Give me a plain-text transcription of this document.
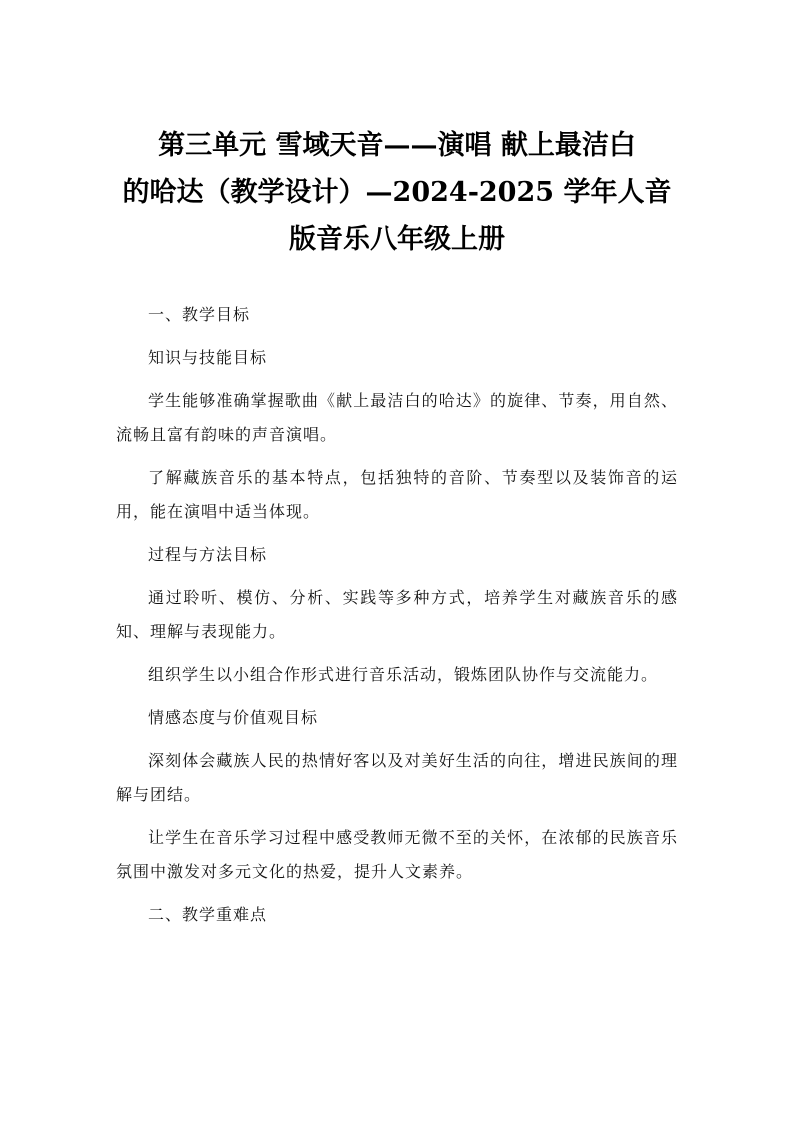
第三单元 雪域天音——演唱 献上最洁白
的哈达（教学设计）—2024-2025 学年人音
版音乐八年级上册

一、教学目标

知识与技能目标

学生能够准确掌握歌曲《献上最洁白的哈达》的旋律、节奏，用自然、流畅且富有韵味的声音演唱。

了解藏族音乐的基本特点，包括独特的音阶、节奏型以及装饰音的运用，能在演唱中适当体现。

过程与方法目标

通过聆听、模仿、分析、实践等多种方式，培养学生对藏族音乐的感知、理解与表现能力。

组织学生以小组合作形式进行音乐活动，锻炼团队协作与交流能力。

情感态度与价值观目标

深刻体会藏族人民的热情好客以及对美好生活的向往，增进民族间的理解与团结。

让学生在音乐学习过程中感受教师无微不至的关怀，在浓郁的民族音乐氛围中激发对多元文化的热爱，提升人文素养。

二、教学重难点
